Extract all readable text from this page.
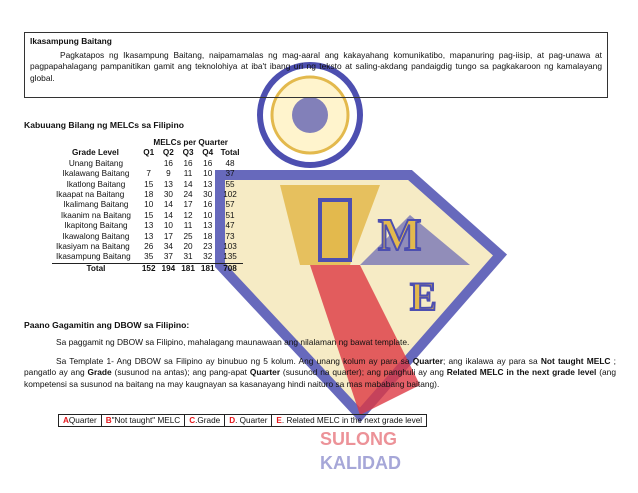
M
E
SULONG
KALIDAD
Ikasampung Baitang
Pagkatapos ng Ikasampung Baitang, naipamamalas ng mag-aaral ang kakayahang komunikatibo, mapanuring pag-iisip, at pag-unawa at pagpapahalagang pampanitikan gamit ang teknolohiya at iba't ibang uri ng teksto at saling-akdang pandaigdig tungo sa pagkakaroon ng kamalayang global.
Kabuuang Bilang ng MELCs sa Filipino
	MELCs per Quarter				
Grade Level	Q1	Q2	Q3	Q4	Total
Unang Baitang		16	16	16	48
Ikalawang Baitang	7	9	11	10	37
Ikatlong Baitang	15	13	14	13	55
Ikaapat na Baitang	18	30	24	30	102
Ikalimang Baitang	10	14	17	16	57
Ikaanim na Baitang	15	14	12	10	51
Ikapitong Baitang	13	10	11	13	47
Ikawalong Baitang	13	17	25	18	73
Ikasiyam na Baitang	26	34	20	23	103
Ikasampung Baitang	35	37	31	32	135
Total	152	194	181	181	708
Paano Gagamitin ang DBOW sa Filipino:
Sa paggamit ng DBOW sa Filipino, mahalagang maunawaan ang nilalaman ng bawat template.
Sa Template 1- Ang DBOW sa Filipino ay binubuo ng 5 kolum. Ang unang kolum ay para sa Quarter; ang ikalawa ay para sa Not taught MELC ; pangatlo ay ang Grade (susunod na antas); ang pang-apat Quarter (susunod na quarter); ang panghuli ay ang Related MELC in the next grade level (ang kompetensi sa susunod na baitang na may kaugnayan sa kasanayang hindi naituro sa mas mababang baitang).
AQuarter	B"Not taught" MELC	C.Grade	D. Quarter	E. Related MELC in the next grade level
